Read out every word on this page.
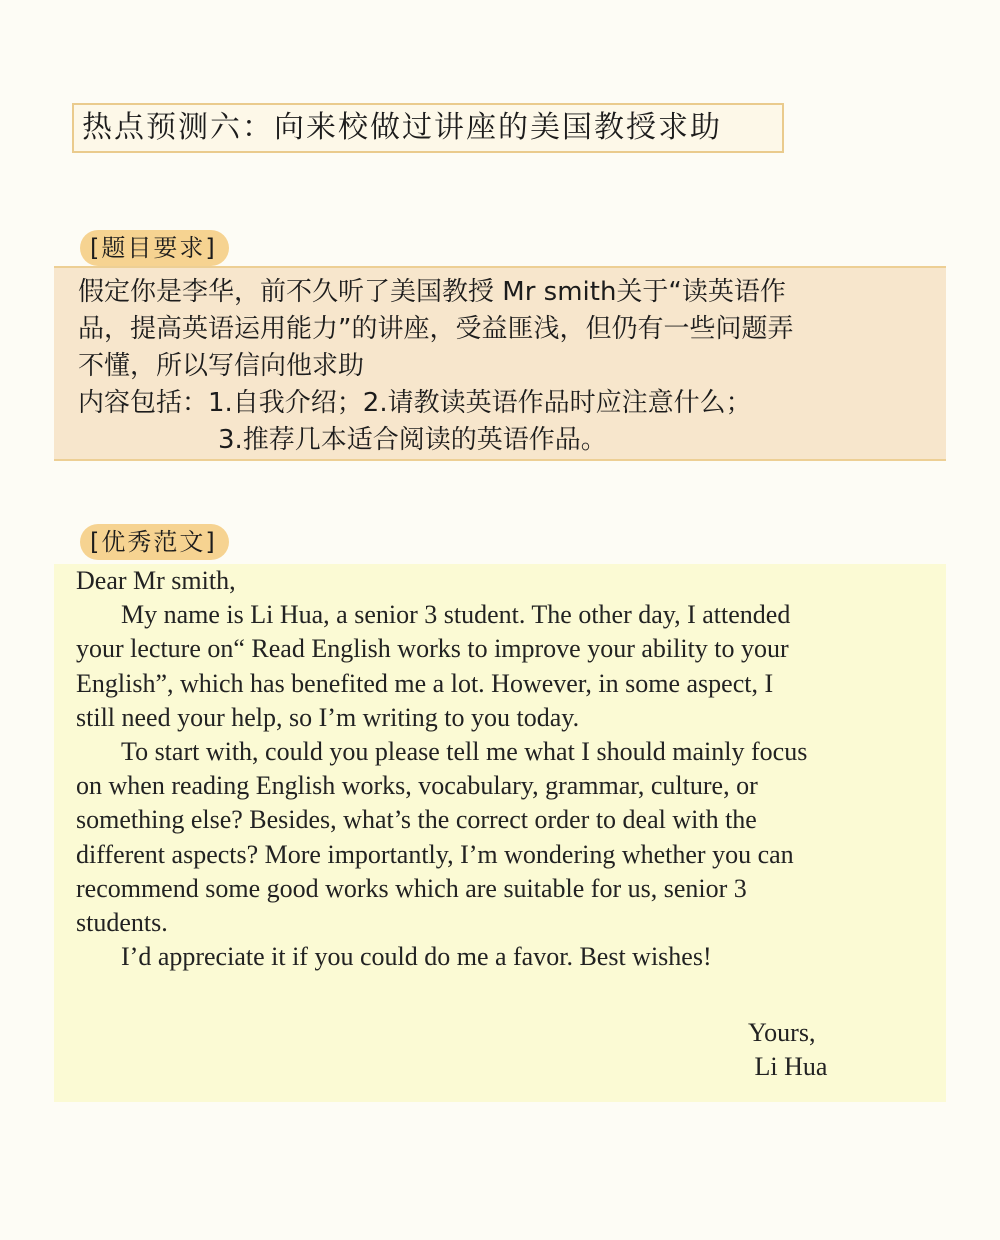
热点预测六：向来校做过讲座的美国教授求助
[题目要求]

假定你是李华，前不久听了美国教授 Mr smith关于“读英语作

品，提高英语运用能力”的讲座，受益匪浅，但仍有一些问题弄

不懂，所以写信向他求助

内容包括：1.自我介绍；2.请教读英语作品时应注意什么；

3.推荐几本适合阅读的英语作品。

[优秀范文]

Dear Mr smith,

My name is Li Hua, a senior 3 student. The other day, I attended

your lecture on“ Read English works to improve your ability to your

English”, which has benefited me a lot. However, in some aspect, I

still need your help, so I’m writing to you today.

To start with, could you please tell me what I should mainly focus

on when reading English works, vocabulary, grammar, culture, or

something else? Besides, what’s the correct order to deal with the

different aspects? More importantly, I’m wondering whether you can

recommend some good works which are suitable for us, senior 3

students.

I’d appreciate it if you could do me a favor. Best wishes!

Yours,

Li Hua
